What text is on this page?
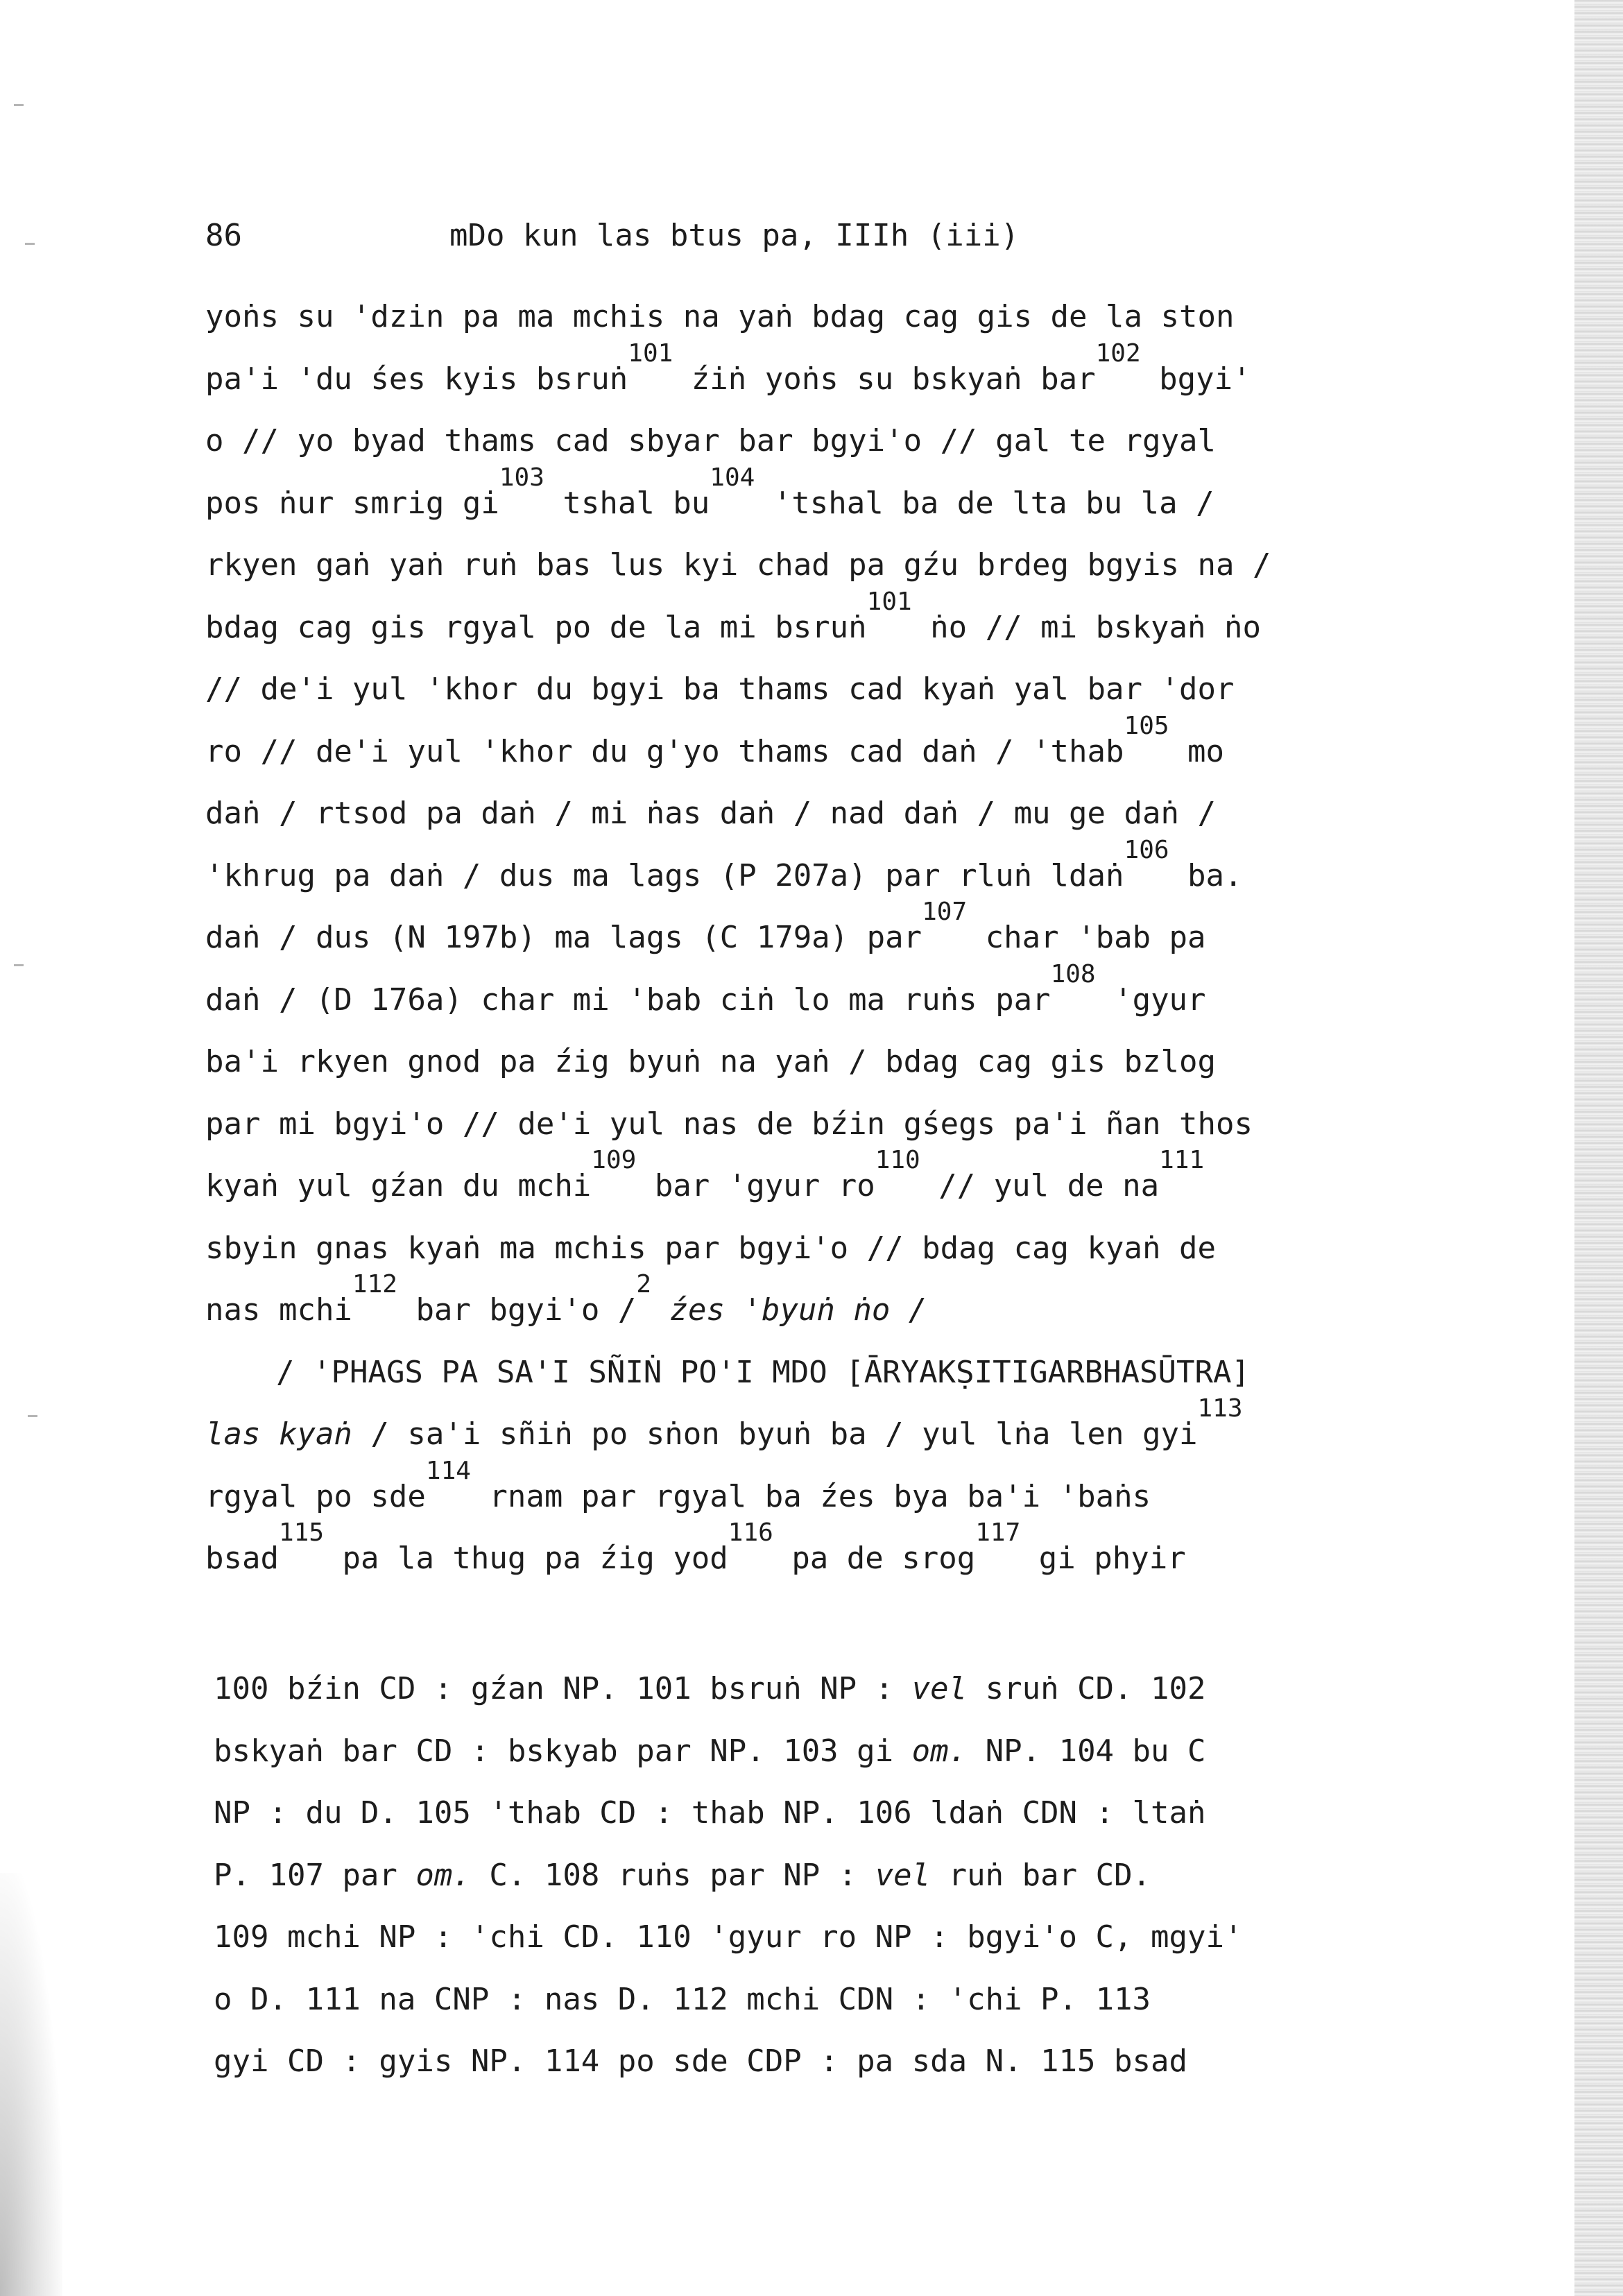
86	mDo kun las btus pa, IIIh (iii)
yoṅs su 'dzin pa ma mchis na yaṅ bdag cag gis de la ston
pa'i 'du śes kyis bsruṅ$^{101}$ źiṅ yoṅs su bskyaṅ bar$^{102}$ bgyi'
o // yo byad thams cad sbyar bar bgyi'o // gal te rgyal
pos ṅur smrig $gi^{103}$ tshal $bu^{104}$ 'tshal ba de lta bu la /
rkyen gaṅ yaṅ ruṅ bas lus kyi chad pa gźu brdeg bgyis na /
bdag cag gis rgyal po de la mi bsruṅ$^{101}$ ṅo // mi bskyaṅ ṅo
// de'i yul 'khor du bgyi ba thams cad kyaṅ yal bar 'dor
ro // de'i yul 'khor du g'yo thams cad daṅ / 'thab$^{105}$ mo
daṅ / rtsod pa daṅ / mi ṅas daṅ / nad daṅ / mu ge daṅ /
'khrug pa daṅ / dus ma lags (P 207a) par rluṅ ldaṅ$^{106}$ ba.
daṅ / dus (N 197b) ma lags (C 179a) par$^{107}$ char 'bab pa
daṅ / (D 176a) char mi 'bab ciṅ lo ma ruṅs par$^{108}$ 'gyur
ba'i rkyen gnod pa źig byuṅ na yaṅ / bdag cag gis bzlog
par mi bgyi'o // de'i yul nas de bźin gśegs pa'i ñan thos
kyaṅ yul gźan du mchi$^{109}$ bar 'gyur $ro^{110}$ // yul de $na^{111}$
sbyin gnas kyaṅ ma mchis par bgyi'o // bdag cag kyaṅ de
nas mchi$^{112}$ bar bgyi'o /$^2$ źes 'byuṅ ṅo /
/ 'PHAGS PA SA'I SÑIṄ PO'I MDO [ĀRYAKṢITIGARBHASŪTRA]
las kyaṅ / sa'i sñiṅ po sṅon byuṅ ba / yul lṅa len gyi$^{113}$
rgyal po sde$^{114}$ rnam par rgyal ba źes bya ba'i 'baṅs
bsad$^{115}$ pa la thug pa źig yod$^{116}$ pa de srog$^{117}$ gi phyir
100 bźin CD : gźan NP. 101 bsruṅ NP : vel sruṅ CD. 102
bskyaṅ bar CD : bskyab par NP. 103 gi om. NP. 104 bu C
NP : du D. 105 'thab CD : thab NP. 106 ldaṅ CDN : ltaṅ
P. 107 par om. C. 108 ruṅs par NP : vel ruṅ bar CD.
109 mchi NP : 'chi CD. 110 'gyur ro NP : bgyi'o C, mgyi'
o D. 111 na CNP : nas D. 112 mchi CDN : 'chi P. 113
gyi CD : gyis NP. 114 po sde CDP : pa sda N. 115 bsad
